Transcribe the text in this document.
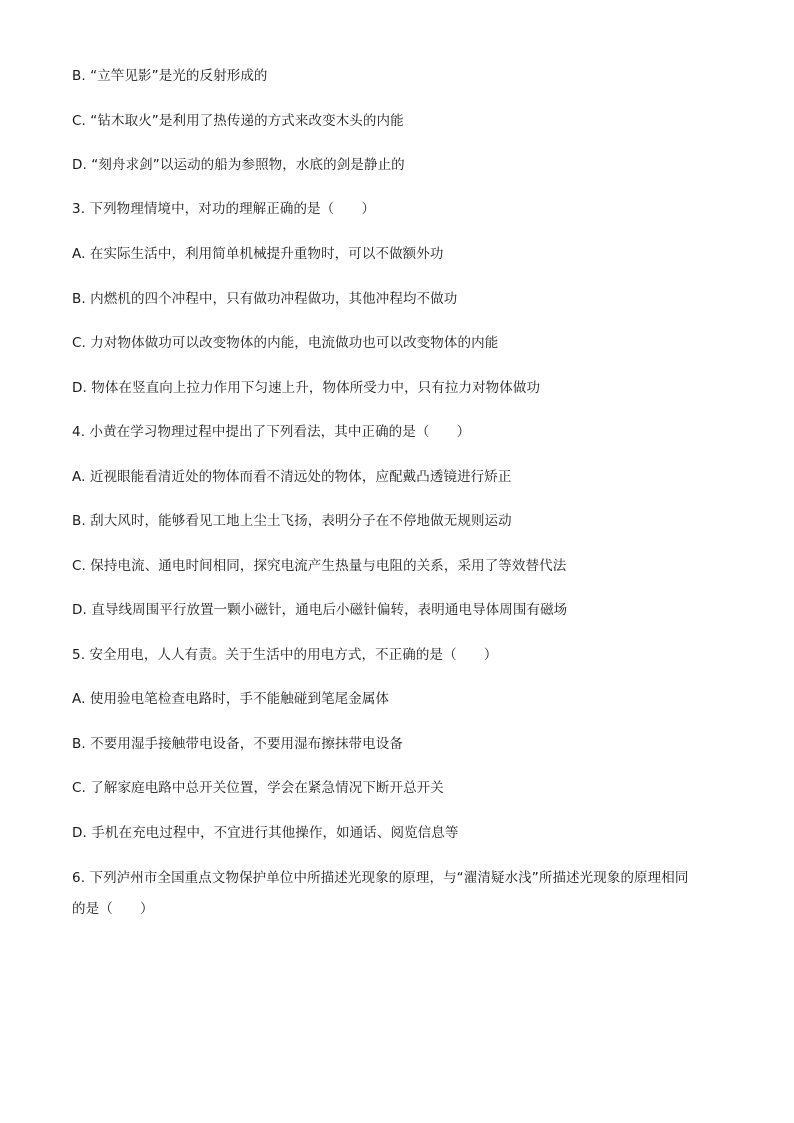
B. “立竿见影”是光的反射形成的
C. “钻木取火”是利用了热传递的方式来改变木头的内能
D. “刻舟求剑”以运动的船为参照物，水底的剑是静止的
3. 下列物理情境中，对功的理解正确的是（　　）
A. 在实际生活中，利用简单机械提升重物时，可以不做额外功
B. 内燃机的四个冲程中，只有做功冲程做功，其他冲程均不做功
C. 力对物体做功可以改变物体的内能，电流做功也可以改变物体的内能
D. 物体在竖直向上拉力作用下匀速上升，物体所受力中，只有拉力对物体做功
4. 小黄在学习物理过程中提出了下列看法，其中正确的是（　　）
A. 近视眼能看清近处的物体而看不清远处的物体，应配戴凸透镜进行矫正
B. 刮大风时，能够看见工地上尘土飞扬，表明分子在不停地做无规则运动
C. 保持电流、通电时间相同，探究电流产生热量与电阻的关系，采用了等效替代法
D. 直导线周围平行放置一颗小磁针，通电后小磁针偏转，表明通电导体周围有磁场
5. 安全用电，人人有责。关于生活中的用电方式，不正确的是（　　）
A. 使用验电笔检查电路时，手不能触碰到笔尾金属体
B. 不要用湿手接触带电设备，不要用湿布擦抹带电设备
C. 了解家庭电路中总开关位置，学会在紧急情况下断开总开关
D. 手机在充电过程中，不宜进行其他操作，如通话、阅览信息等
6. 下列泸州市全国重点文物保护单位中所描述光现象的原理，与“濯清疑水浅”所描述光现象的原理相同
的是（　　）
